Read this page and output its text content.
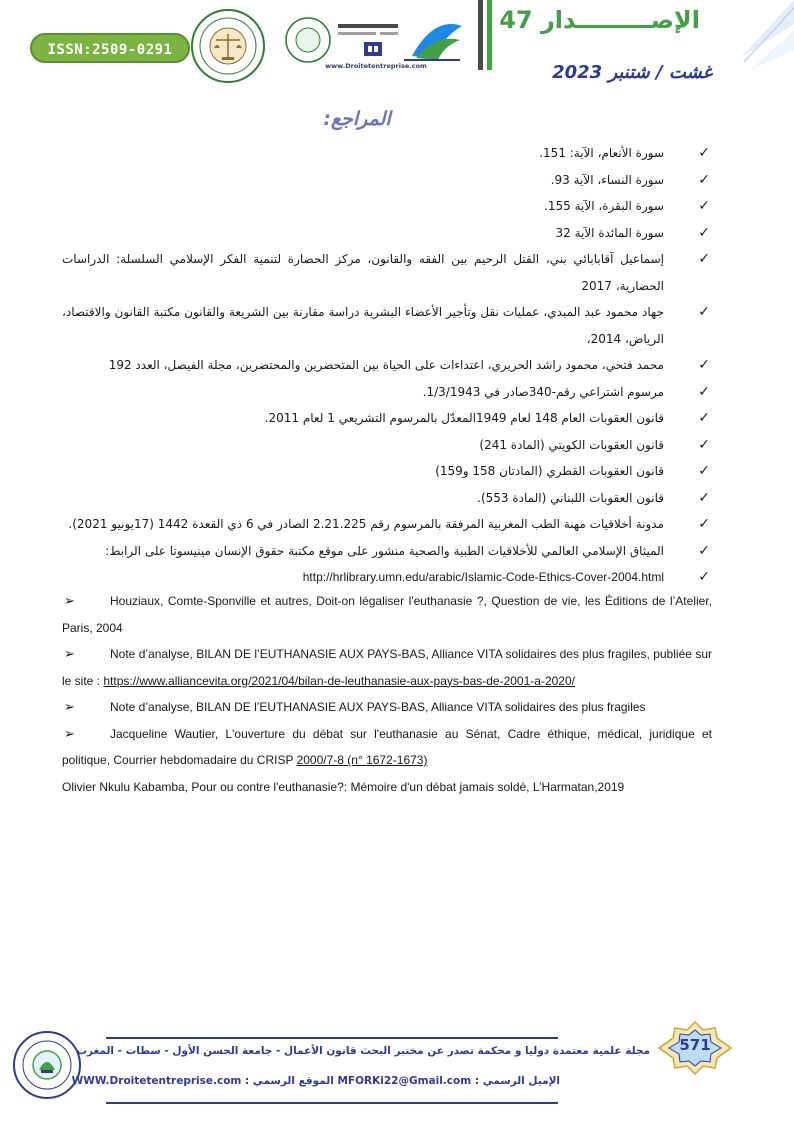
ISSN:2509-0291
www.Droitetentreprise.com
الإصـــــــــدار 47
غشت / شتنبر 2023
المراجع:
✓
سورة الأنعام، الآية: 151.
✓
سورة النساء، الآية 93.
✓
سورة البقرة، الآية 155.
✓
سورة المائدة الآية 32
✓
إسماعيل آقابابائي بني، القتل الرحيم بين الفقه والقانون، مركز الحضارة لتنمية الفكر الإسلامي السلسلة: الدراسات الحضارية، 2017
✓
جهاد محمود عبد المبدي، عمليات نقل وتأجير الأعضاء البشرية دراسة مقارنة بين الشريعة والقانون مكتبة القانون والاقتصاد، الرياض، 2014،
✓
محمد فتحي، محمود راشد الحريري، اعتداءات على الحياة بين المتحضرين والمحتضرين، مجلة الفيصل، العدد 192
✓
مرسوم اشتراعي رقم-340صادر في 1/3/1943.
✓
قانون العقوبات العام 148 لعام 1949المعدّل بالمرسوم التشريعي 1 لعام 2011.
✓
قانون العقوبات الكويتي (المادة 241)
✓
قانون العقوبات القطري (المادتان 158 و159)
✓
قانون العقوبات اللبناني (المادة 553).
✓
مدونة أخلاقيات مهنة الطب المغربية المرفقة بالمرسوم رقم 2.21.225 الصادر في 6 ذي القعدة 1442 (17يونيو 2021).
✓
الميثاق الإسلامي العالمي للأخلاقيات الطبية والصحية منشور على موقع مكتبة حقوق الإنسان مينيسوتا على الرابط:
✓
http://hrlibrary.umn.edu/arabic/Islamic-Code-Ethics-Cover-2004.html
➢	Houziaux, Comte-Sponville et autres, Doit-on légaliser l'euthanasie ?, Question de vie, les Éditions de l’Atelier, Paris, 2004
➢	Note d’analyse, BILAN DE l’EUTHANASIE AUX PAYS-BAS, Alliance VITA solidaires des plus fragiles, publiée sur le site : https://www.alliancevita.org/2021/04/bilan-de-leuthanasie-aux-pays-bas-de-2001-a-2020/
➢	Note d’analyse, BILAN DE l’EUTHANASIE AUX PAYS-BAS, Alliance VITA solidaires des plus fragiles
➢	Jacqueline Wautier, L'ouverture du débat sur l'euthanasie au Sénat, Cadre éthique, médical, juridique et politique, Courrier hebdomadaire du CRISP 2000/7-8 (n° 1672-1673)
Olivier Nkulu Kabamba, Pour ou contre l'euthanasie?: Mémoire d'un débat jamais soldé, L’Harmatan,2019
مجلة علمية معتمدة دوليا و محكمة تصدر عن مختبر البحث قانون الأعمال - جامعة الحسن الأول - سطات - المغرب
الإميل الرسمي : MFORKi22@Gmail.com الموقع الرسمي : WWW.Droitetentreprise.com
571
